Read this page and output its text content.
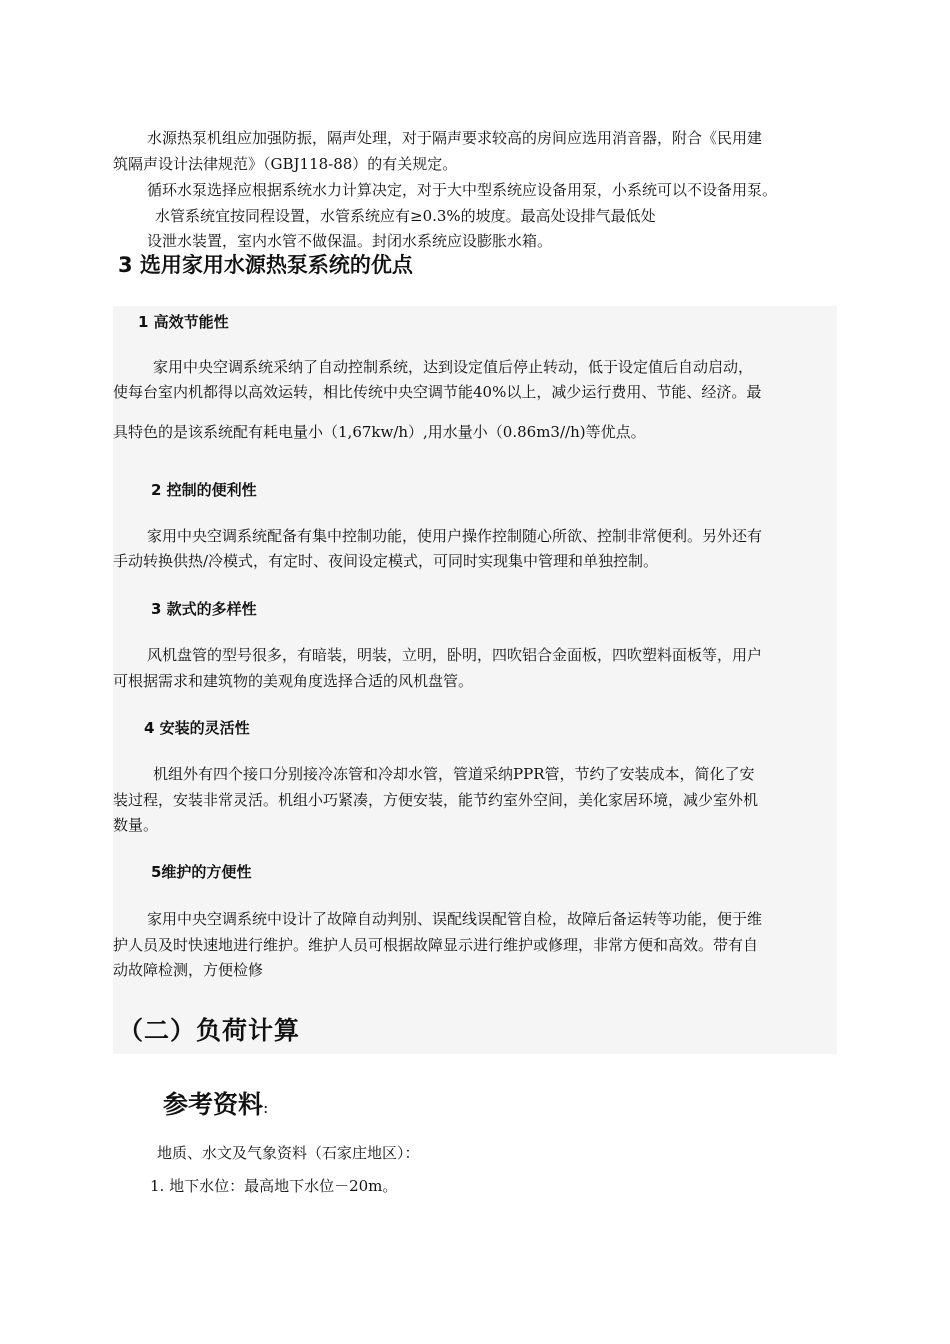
水源热泵机组应加强防振，隔声处理，对于隔声要求较高的房间应选用消音器，附合《民用建
筑隔声设计法律规范》（GBJ118-88）的有关规定。
循环水泵选择应根据系统水力计算决定，对于大中型系统应设备用泵，小系统可以不设备用泵。
水管系统宜按同程设置，水管系统应有≥0.3%的坡度。最高处设排气最低处
设泄水装置，室内水管不做保温。封闭水系统应设膨胀水箱。
3 选用家用水源热泵系统的优点
1 高效节能性
家用中央空调系统采纳了自动控制系统，达到设定值后停止转动，低于设定值后自动启动，
使每台室内机都得以高效运转，相比传统中央空调节能40%以上，减少运行费用、节能、经济。最
具特色的是该系统配有耗电量小（1,67kw/h）,用水量小（0.86m3//h)等优点。
2 控制的便利性
家用中央空调系统配备有集中控制功能，使用户操作控制随心所欲、控制非常便利。另外还有
手动转换供热/冷模式，有定时、夜间设定模式，可同时实现集中管理和单独控制。
3 款式的多样性
风机盘管的型号很多，有暗装，明装，立明，卧明，四吹铝合金面板，四吹塑料面板等，用户
可根据需求和建筑物的美观角度选择合适的风机盘管。
4 安装的灵活性
机组外有四个接口分别接冷冻管和冷却水管，管道采纳PPR管，节约了安装成本，简化了安
装过程，安装非常灵活。机组小巧紧凑，方便安装，能节约室外空间，美化家居环境，减少室外机
数量。
5维护的方便性
家用中央空调系统中设计了故障自动判别、误配线误配管自检，故障后备运转等功能，便于维
护人员及时快速地进行维护。维护人员可根据故障显示进行维护或修理，非常方便和高效。带有自
动故障检测，方便检修
（二）负荷计算
参考资料:
地质、水文及气象资料（石家庄地区）：
1. 地下水位：最高地下水位－20m。
